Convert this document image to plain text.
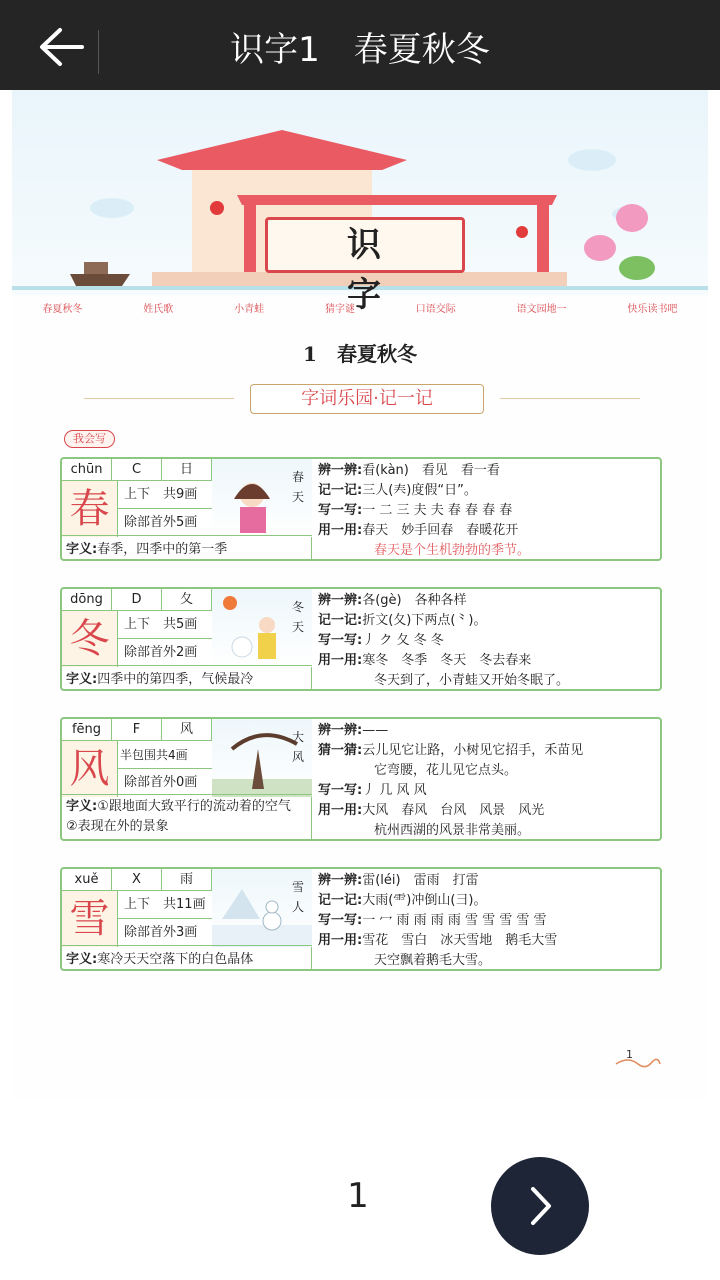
识字1　春夏秋冬
识 字
春夏秋冬	姓氏歌	小青蛙	猜字谜	口语交际	语文园地一	快乐读书吧
1　春夏秋冬
字词乐园·记一记
我会写
chūn	C	日
春	上下　 共9画
除部首外5画
春天
字义:春季，四季中的第一季
辨一辨:看(kàn)　看见　看一看
记一记:三人(𡗗)度假“日”。
写一写:一 二 三 夫 夫 春 春 春 春
用一用:春天　妙手回春　春暖花开
春天是个生机勃勃的季节。
dōng	D	夂
冬	上下　 共5画
除部首外2画
冬天
字义:四季中的第四季，气候最冷
辨一辨:各(gè)　各种各样
记一记:折文(夂)下两点(⺀)。
写一写:丿 ク 夂 冬 冬
用一用:寒冬　冬季　冬天　冬去春来
冬天到了，小青蛙又开始冬眠了。
fēng	F	风
风 半包围共4画
除部首外0画
大风
字义:①跟地面大致平行的流动着的空气　②表现在外的景象
辨一辨:——
猜一猜:云儿见它让路，小树见它招手，禾苗见
它弯腰，花儿见它点头。
写一写:丿 几 风 风
用一用:大风　春风　台风　风景　风光
杭州西湖的风景非常美丽。
xuě	X	雨
雪	上下　 共11画
除部首外3画
雪人
字义:寒冷天天空落下的白色晶体
辨一辨:雷(léi)　雷雨　打雷
记一记:大雨(⻗)冲倒山(彐)。
写一写:一 冖 雨 雨 雨 雨 雪 雪 雪 雪 雪
用一用:雪花　雪白　冰天雪地　鹅毛大雪
天空飘着鹅毛大雪。
1
1
